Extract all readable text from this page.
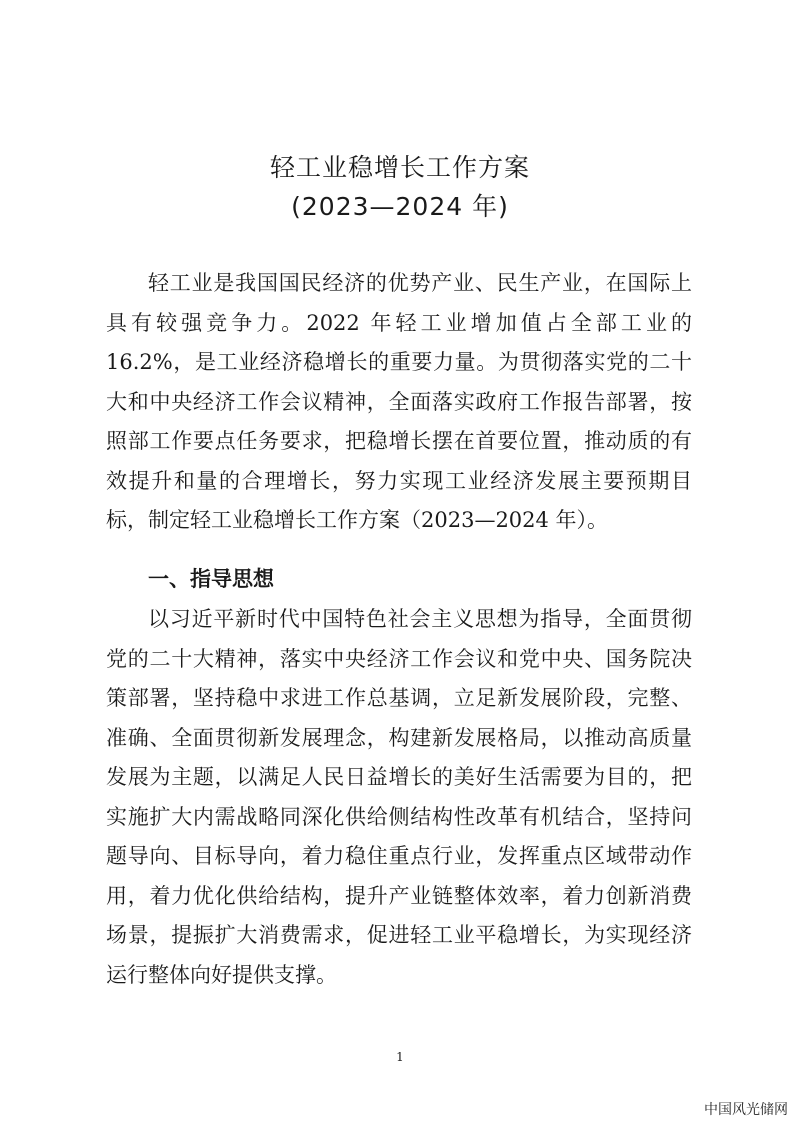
轻工业稳增长工作方案
(2023—2024 年)

轻工业是我国国民经济的优势产业、民生产业，在国际上具有较强竞争力。2022 年轻工业增加值占全部工业的16.2%，是工业经济稳增长的重要力量。为贯彻落实党的二十大和中央经济工作会议精神，全面落实政府工作报告部署，按照部工作要点任务要求，把稳增长摆在首要位置，推动质的有效提升和量的合理增长，努力实现工业经济发展主要预期目标，制定轻工业稳增长工作方案（2023—2024 年）。

一、指导思想

以习近平新时代中国特色社会主义思想为指导，全面贯彻党的二十大精神，落实中央经济工作会议和党中央、国务院决策部署，坚持稳中求进工作总基调，立足新发展阶段，完整、准确、全面贯彻新发展理念，构建新发展格局，以推动高质量发展为主题，以满足人民日益增长的美好生活需要为目的，把实施扩大内需战略同深化供给侧结构性改革有机结合，坚持问题导向、目标导向，着力稳住重点行业，发挥重点区域带动作用，着力优化供给结构，提升产业链整体效率，着力创新消费场景，提振扩大消费需求，促进轻工业平稳增长，为实现经济运行整体向好提供支撑。

1
中国风光储网
